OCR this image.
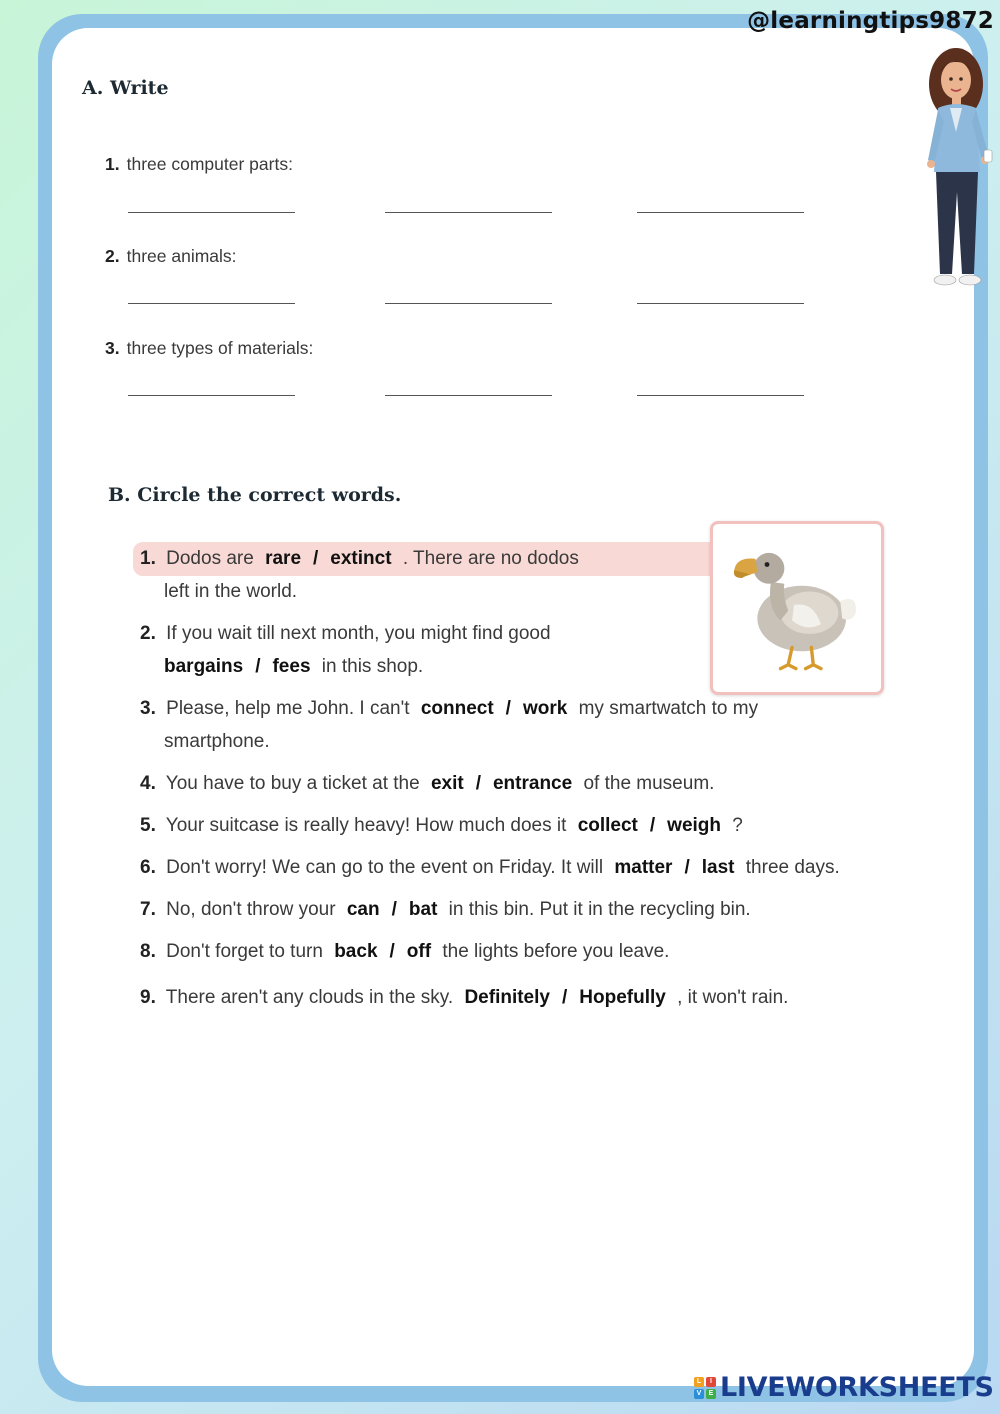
@learningtips9872
A. Write
1. three computer parts:
2. three animals:
3. three types of materials:
B. Circle the correct words.
1. Dodos are rare / extinct . There are no dodos
left in the world.
2. If you wait till next month, you might find good
bargains / fees in this shop.
3. Please, help me John. I can't connect / work my smartwatch to my
smartphone.
4. You have to buy a ticket at the exit / entrance of the museum.
5. Your suitcase is really heavy! How much does it collect / weigh ?
6. Don't worry! We can go to the event on Friday. It will matter / last three days.
7. No, don't throw your can / bat in this bin. Put it in the recycling bin.
8. Don't forget to turn back / off the lights before you leave.
9. There aren't any clouds in the sky. Definitely / Hopefully , it won't rain.
L	I
V	E LIVEWORKSHEETS
